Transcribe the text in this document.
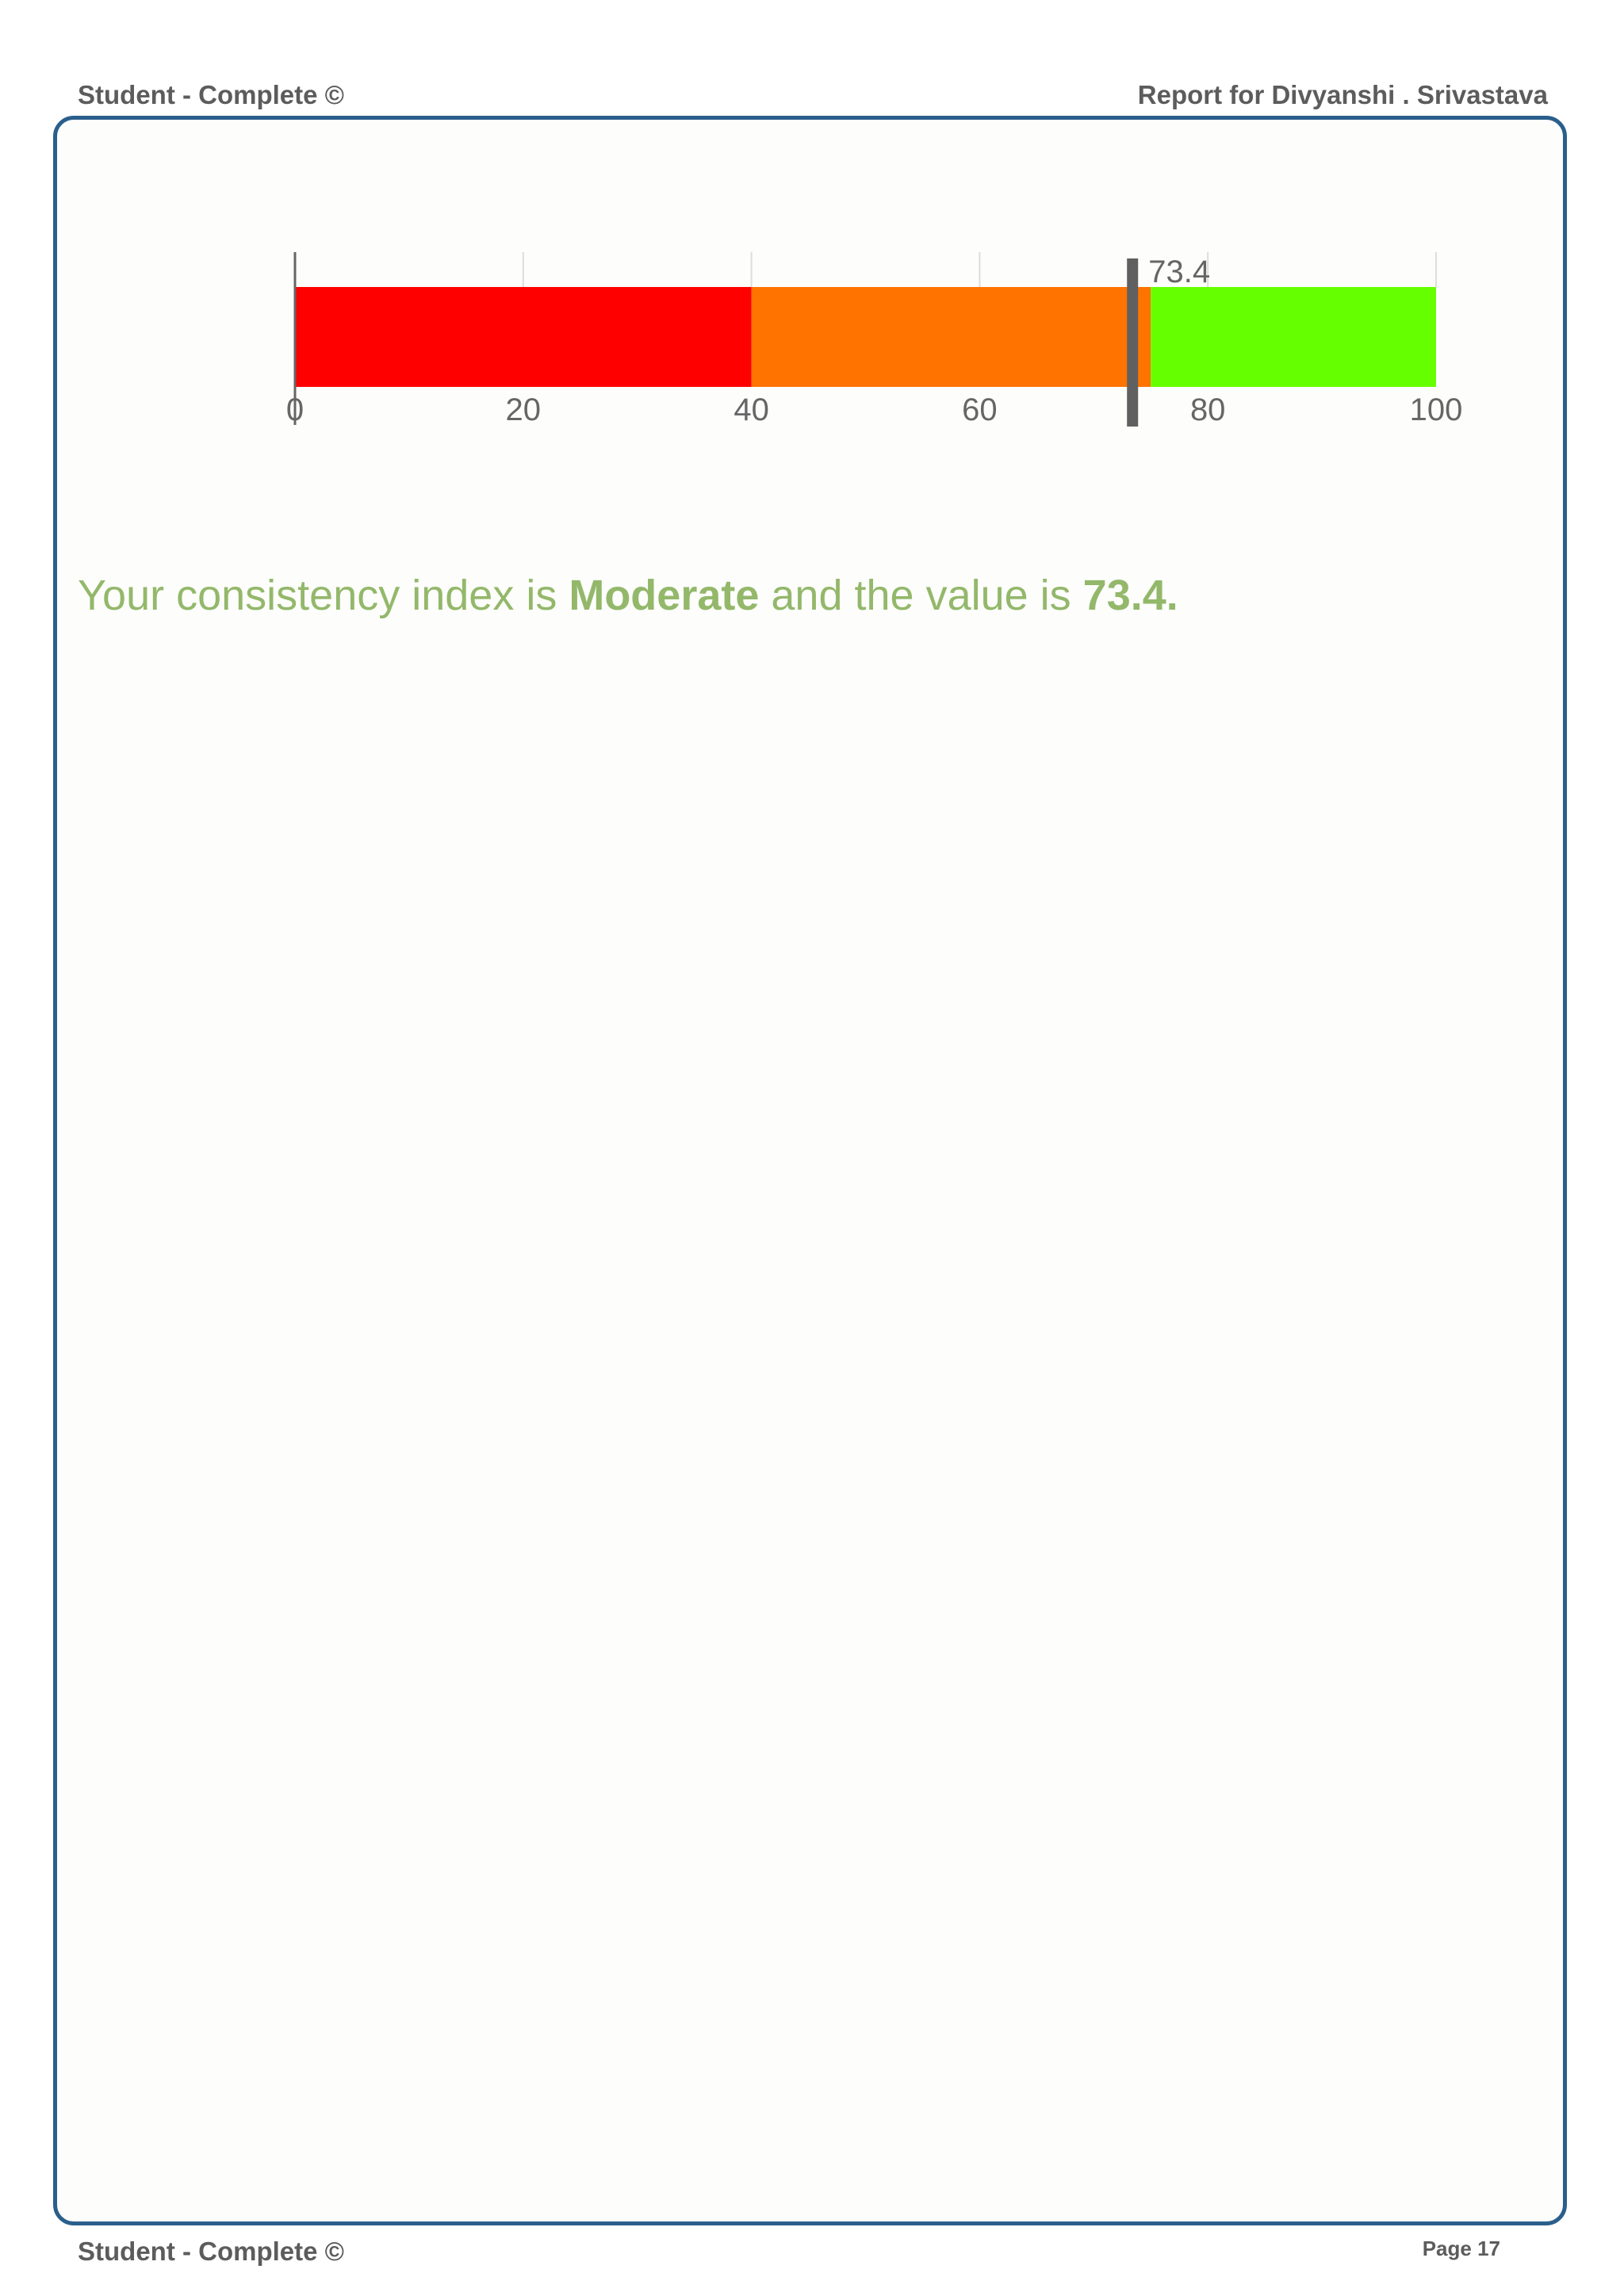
Student - Complete ©	Report for Divyanshi . Srivastava
0	20	40	60	80	100
73.4

Your consistency index is Moderate and the value is 73.4.

Student - Complete ©	Page 17
